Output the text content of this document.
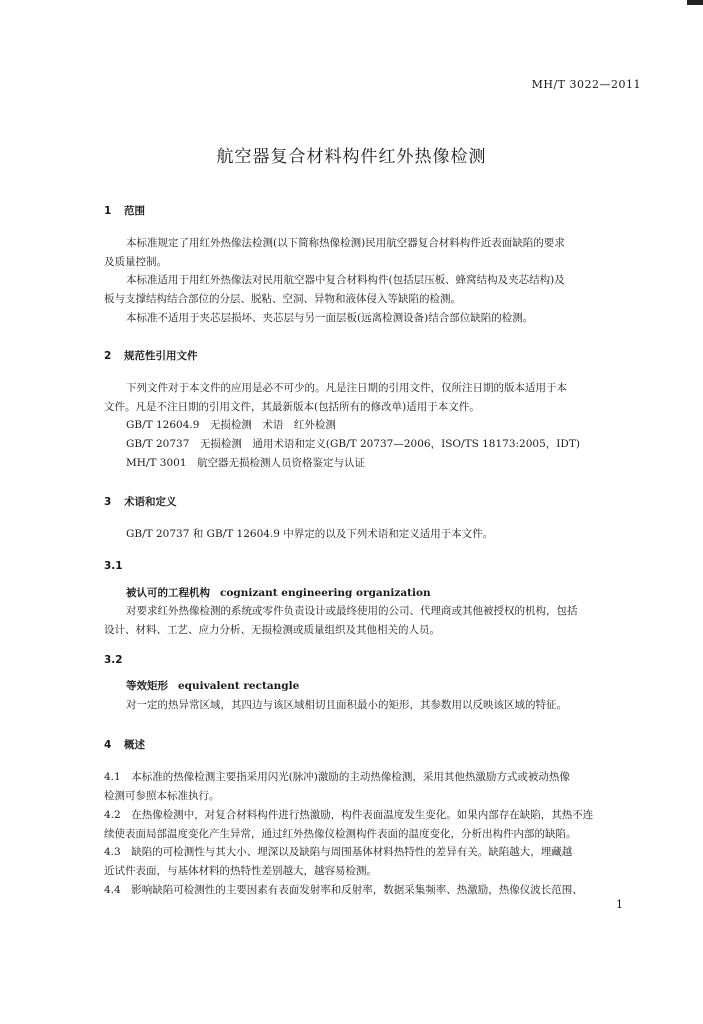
MH/T 3022—2011
航空器复合材料构件红外热像检测
1 范围
本标准规定了用红外热像法检测(以下简称热像检测)民用航空器复合材料构件近表面缺陷的要求
及质量控制。
本标准适用于用红外热像法对民用航空器中复合材料构件(包括层压板、蜂窝结构及夹芯结构)及
板与支撑结构结合部位的分层、脱粘、空洞、异物和液体侵入等缺陷的检测。
本标准不适用于夹芯层损坏、夹芯层与另一面层板(远离检测设备)结合部位缺陷的检测。
2 规范性引用文件
下列文件对于本文件的应用是必不可少的。凡是注日期的引用文件，仅所注日期的版本适用于本
文件。凡是不注日期的引用文件，其最新版本(包括所有的修改单)适用于本文件。
GB/T 12604.9　无损检测　术语　红外检测
GB/T 20737　无损检测　通用术语和定义(GB/T 20737—2006，ISO/TS 18173:2005，IDT)
MH/T 3001　航空器无损检测人员资格鉴定与认证
3 术语和定义
GB/T 20737 和 GB/T 12604.9 中界定的以及下列术语和定义适用于本文件。
3.1
被认可的工程机构 cognizant engineering organization
对要求红外热像检测的系统或零件负责设计或最终使用的公司、代理商或其他被授权的机构，包括
设计、材料、工艺、应力分析、无损检测或质量组织及其他相关的人员。
3.2
等效矩形 equivalent rectangle
对一定的热异常区域，其四边与该区域相切且面积最小的矩形，其参数用以反映该区域的特征。
4 概述
4.1　本标准的热像检测主要指采用闪光(脉冲)激励的主动热像检测，采用其他热激励方式或被动热像
检测可参照本标准执行。
4.2　在热像检测中，对复合材料构件进行热激励，构件表面温度发生变化。如果内部存在缺陷，其热不连
续使表面局部温度变化产生异常，通过红外热像仪检测构件表面的温度变化，分析出构件内部的缺陷。
4.3　缺陷的可检测性与其大小、埋深以及缺陷与周围基体材料热特性的差异有关。缺陷越大，埋藏越
近试件表面，与基体材料的热特性差别越大，越容易检测。
4.4　影响缺陷可检测性的主要因素有表面发射率和反射率，数据采集频率、热激励，热像仪波长范围、
1
